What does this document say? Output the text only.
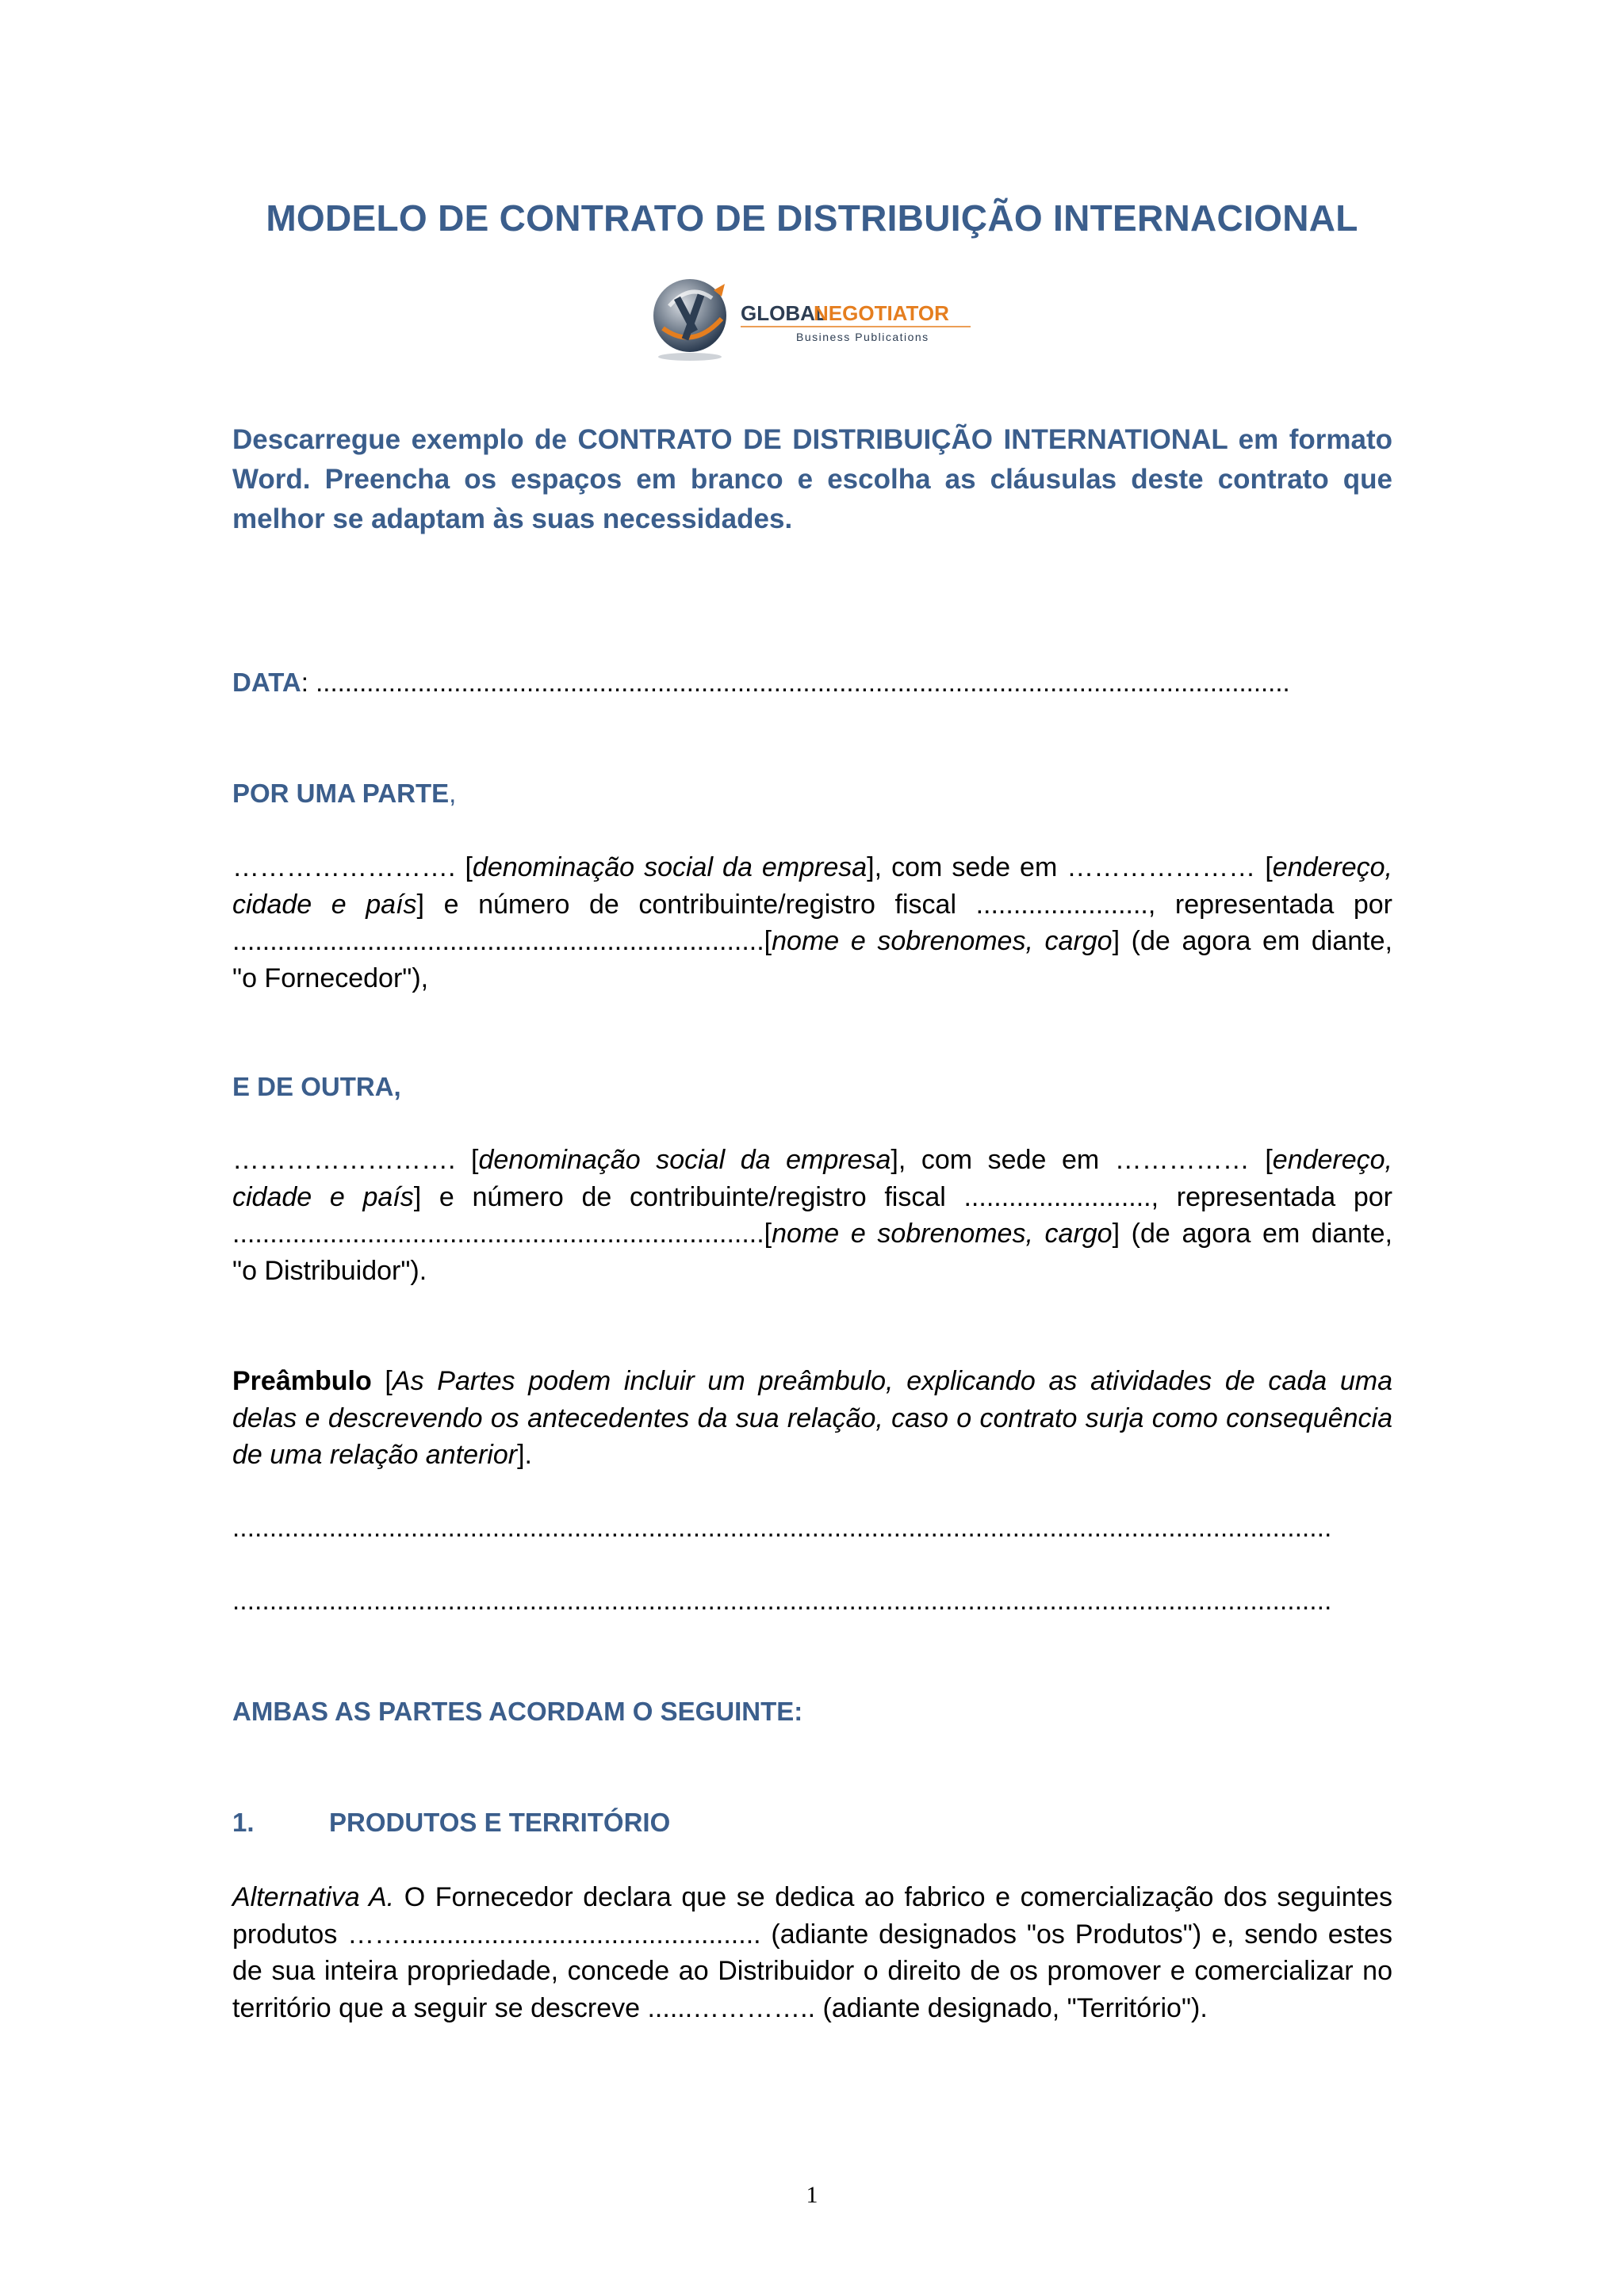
MODELO DE CONTRATO DE DISTRIBUIÇÃO INTERNACIONAL
GLOBAL
NEGOTIATOR
Business Publications
Descarregue exemplo de CONTRATO DE DISTRIBUIÇÃO INTERNATIONAL em formato Word. Preencha os espaços em branco e escolha as cláusulas deste contrato que melhor se adaptam às suas necessidades.
DATA: ......................................................................................................................................
POR UMA PARTE,
……………………. [denominação social da empresa], com sede em ………………… [endereço, cidade e país] e número de contribuinte/registro fiscal ......................., representada por .......................................................................[nome e sobrenomes, cargo] (de agora em diante, "o Fornecedor"),
E DE OUTRA,
……………………. [denominação social da empresa], com sede em …………… [endereço, cidade e país] e número de contribuinte/registro fiscal ........................., representada por .......................................................................[nome e sobrenomes, cargo] (de agora em diante, "o Distribuidor").
Preâmbulo [As Partes podem incluir um preâmbulo, explicando as atividades de cada uma delas e descrevendo os antecedentes da sua relação, caso o contrato surja como consequência de uma relação anterior].
....................................................................................................................................................
....................................................................................................................................................
AMBAS AS PARTES ACORDAM O SEGUINTE:
1.	PRODUTOS E TERRITÓRIO
Alternativa A. O Fornecedor declara que se dedica ao fabrico e comercialização dos seguintes produtos ……................................................ (adiante designados "os Produtos") e, sendo estes de sua inteira propriedade, concede ao Distribuidor o direito de os promover e comercializar no território que a seguir se descreve ......………….. (adiante designado, "Território").
1
